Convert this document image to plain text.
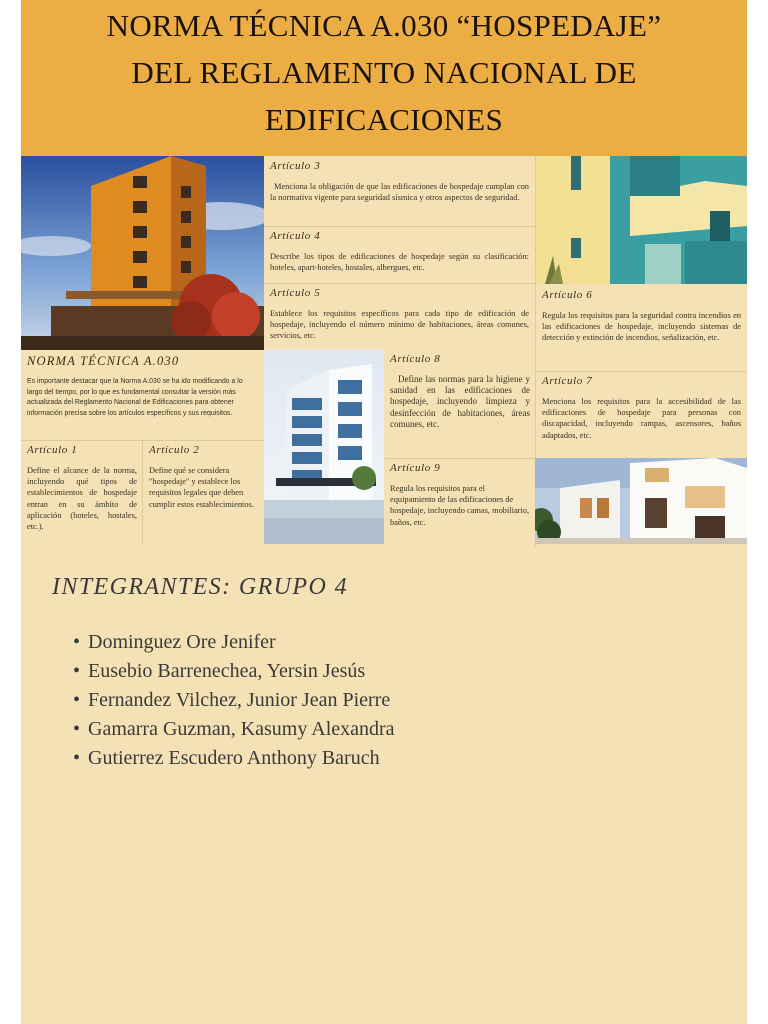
NORMA TÉCNICA A.030 “HOSPEDAJE”
DEL REGLAMENTO NACIONAL DE
EDIFICACIONES
Artículo 3
Menciona la obligación de que las edificaciones de hospedaje cumplan con la normativa vigente para seguridad sísmica y otros aspectos de seguridad.
Artículo 4
Describe los tipos de edificaciones de hospedaje según su clasificación: hoteles, apart-hoteles, hostales, albergues, etc.
Artículo 5
Establece los requisitos específicos para cada tipo de edificación de hospedaje, incluyendo el número mínimo de habitaciones, áreas comunes, servicios, etc.
Artículo 6
Regula los requisitos para la seguridad contra incendios en las edificaciones de hospedaje, incluyendo sistemas de detección y extinción de incendios, señalización, etc.
Artículo 7
Menciona los requisitos para la accesibilidad de las edificaciones de hospedaje para personas con discapacidad, incluyendo rampas, ascensores, baños adaptados, etc.
NORMA TÉCNICA A.030
Es importante destacar que la Norma A.030 se ha ido modificando a lo largo del tiempo, por lo que es fundamental consultar la versión más actualizada del Reglamento Nacional de Edificaciones para obtener información precisa sobre los artículos específicos y sus requisitos.
Artículo 1
Define el alcance de la norma, incluyendo qué tipos de establecimientos de hospedaje entran en su ámbito de aplicación (hoteles, hostales, etc.).
Artículo 2
Define qué se considera "hospedaje" y establece los requisitos legales que deben cumplir estos establecimientos.
Artículo 8
Define las normas para la higiene y sanidad en las edificaciones de hospedaje, incluyendo limpieza y desinfección de habitaciones, áreas comunes, etc.
Artículo 9
Regula los requisitos para el equipamiento de las edificaciones de hospedaje, incluyendo camas, mobiliario, baños, etc.
INTEGRANTES: GRUPO 4
• Dominguez Ore Jenifer
• Eusebio Barrenechea, Yersin Jesús
• Fernandez Vilchez, Junior Jean Pierre
• Gamarra Guzman, Kasumy Alexandra
• Gutierrez Escudero Anthony Baruch
